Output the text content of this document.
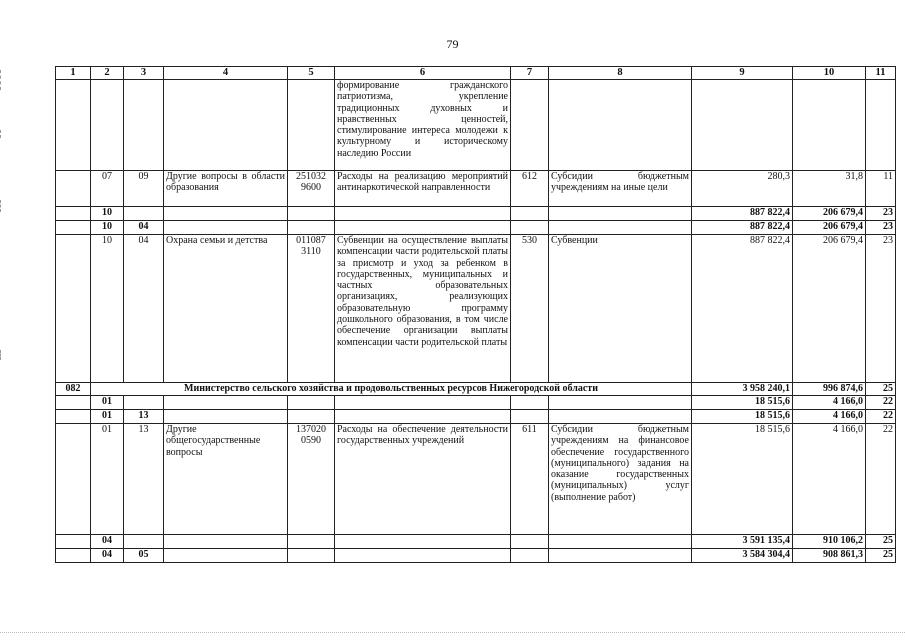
79
1	2	3	4	5	6	7	8	9	10	11
					формирование гражданского патриотизма, укрепление традиционных духовных и нравственных ценностей, стимулирование интереса молодежи к культурному и историческому наследию России					
	07	09	Другие вопросы в области образования	251032 9600	Расходы на реализацию мероприятий антинаркотической направленности	612	Субсидии бюджетным учреждениям на иные цели	280,3	31,8	11
	10							887 822,4	206 679,4	23
	10	04						887 822,4	206 679,4	23
	10	04	Охрана семьи и детства	011087 3110	Субвенции на осуществление выплаты компенсации части родительской платы за присмотр и уход за ребенком в государственных, муниципальных и частных образовательных организациях, реализующих образовательную программу дошкольного образования, в том числе обеспечение организации выплаты компенсации части родительской платы	530	Субвенции	887 822,4	206 679,4	23
082	Министерство сельского хозяйства и продовольственных ресурсов Нижегородской области							3 958 240,1	996 874,6	25
	01							18 515,6	4 166,0	22
	01	13						18 515,6	4 166,0	22
	01	13	Другие общегосударственные вопросы	137020 0590	Расходы на обеспечение деятельности государственных учреждений	611	Субсидии бюджетным учреждениям на финансовое обеспечение государственного (муниципального) задания на оказание государственных (муниципальных) услуг (выполнение работ)	18 515,6	4 166,0	22
	04							3 591 135,4	910 106,2	25
	04	05						3 584 304,4	908 861,3	25
